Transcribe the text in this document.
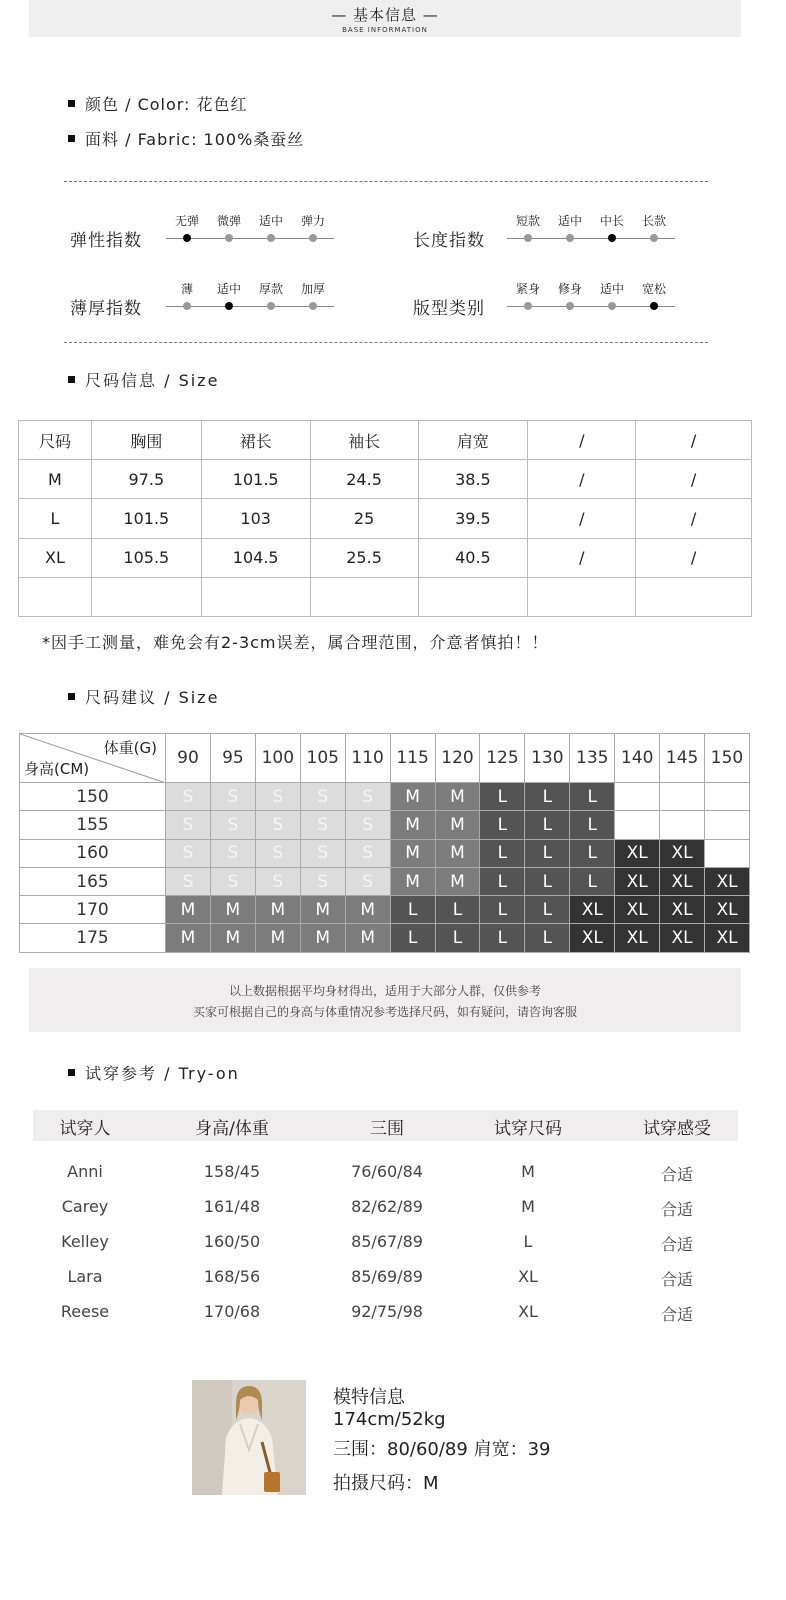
— 基本信息 —
BASE INFORMATION
颜色 / Color: 花色红
面料 / Fabric: 100%桑蚕丝
弹性指数
无弹	微弹	适中	弹力
长度指数
短款	适中	中长	长款
薄厚指数
薄	适中	厚款	加厚
版型类别
紧身	修身	适中	宽松
尺码信息 / Size
尺码	胸围	裙长	袖长	肩宽	/	/
M	97.5	101.5	24.5	38.5	/	/
L	101.5	103	25	39.5	/	/
XL	105.5	104.5	25.5	40.5	/	/

*因手工测量，难免会有2-3cm误差，属合理范围，介意者慎拍！！
尺码建议 / Size
体重(G)
身高(CM)	90	95	100	105	110	115	120	125	130	135	140	145	150
150	S	S	S	S	S	M	M	L	L	L			
155	S	S	S	S	S	M	M	L	L	L			
160	S	S	S	S	S	M	M	L	L	L	XL	XL	
165	S	S	S	S	S	M	M	L	L	L	XL	XL	XL
170	M	M	M	M	M	L	L	L	L	XL	XL	XL	XL
175	M	M	M	M	M	L	L	L	L	XL	XL	XL	XL
以上数据根据平均身材得出，适用于大部分人群，仅供参考
买家可根据自己的身高与体重情况参考选择尺码，如有疑问，请咨询客服
试穿参考 / Try-on
试穿人	身高/体重	三围	试穿尺码	试穿感受
Anni	158/45	76/60/84	M	合适
Carey	161/48	82/62/89	M	合适
Kelley	160/50	85/67/89	L	合适
Lara	168/56	85/69/89	XL	合适
Reese	170/68	92/75/98	XL	合适
模特信息
174cm/52kg
三围：80/60/89 肩宽：39
拍摄尺码：M
